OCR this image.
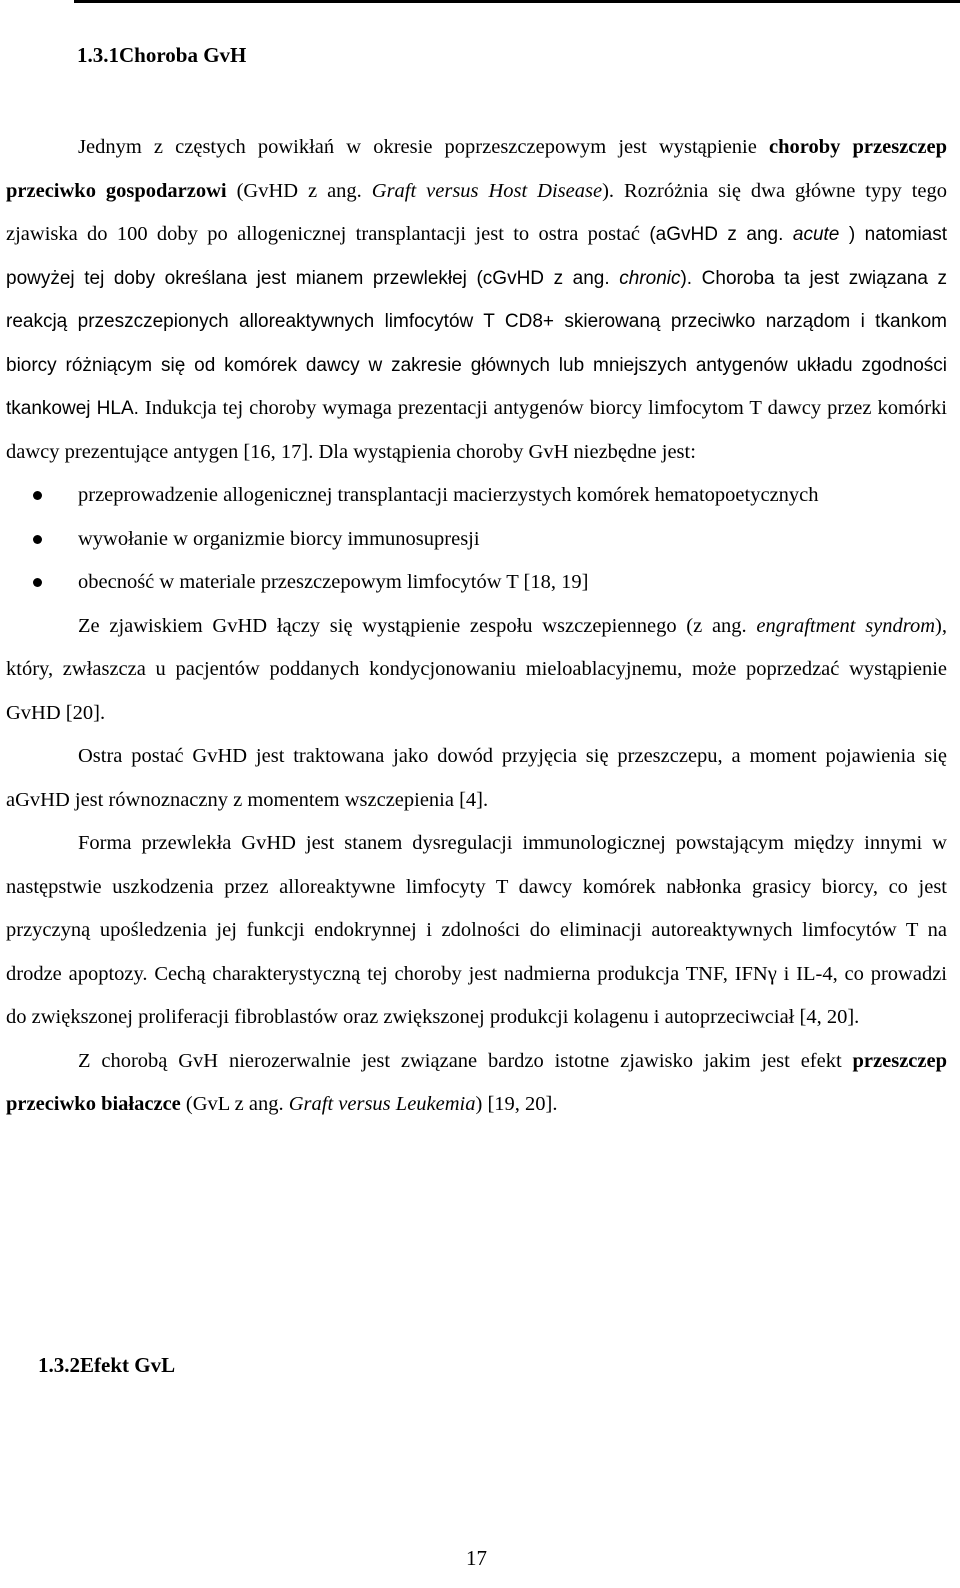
1.3.1Choroba GvH

Jednym z częstych powikłań w okresie poprzeszczepowym jest wystąpienie choroby przeszczep przeciwko gospodarzowi (GvHD z ang. Graft versus Host Disease). Rozróżnia się dwa główne typy tego zjawiska do 100 doby po allogenicznej transplantacji jest to ostra postać (aGvHD z ang. acute ) natomiast powyżej tej doby określana jest mianem przewlekłej (cGvHD z ang. chronic). Choroba ta jest związana z reakcją przeszczepionych alloreaktywnych limfocytów T CD8+ skierowaną przeciwko narządom i tkankom biorcy różniącym się od komórek dawcy w zakresie głównych lub mniejszych antygenów układu zgodności tkankowej HLA. Indukcja tej choroby wymaga prezentacji antygenów biorcy limfocytom T dawcy przez komórki dawcy prezentujące antygen [16, 17]. Dla wystąpienia choroby GvH niezbędne jest:

przeprowadzenie allogenicznej transplantacji macierzystych komórek hematopoetycznych
wywołanie w organizmie biorcy immunosupresji
obecność w materiale przeszczepowym limfocytów T [18, 19]

Ze zjawiskiem GvHD łączy się wystąpienie zespołu wszczepiennego (z ang. engraftment syndrom), który, zwłaszcza u pacjentów poddanych kondycjonowaniu mieloablacyjnemu, może poprzedzać wystąpienie GvHD [20].

Ostra postać GvHD jest traktowana jako dowód przyjęcia się przeszczepu, a moment pojawienia się aGvHD jest równoznaczny z momentem wszczepienia [4].

Forma przewlekła GvHD jest stanem dysregulacji immunologicznej powstającym między innymi w następstwie uszkodzenia przez alloreaktywne limfocyty T dawcy komórek nabłonka grasicy biorcy, co jest przyczyną upośledzenia jej funkcji endokrynnej i zdolności do eliminacji autoreaktywnych limfocytów T na drodze apoptozy. Cechą charakterystyczną tej choroby jest nadmierna produkcja TNF, IFNγ i IL-4, co prowadzi do zwiększonej proliferacji fibroblastów oraz zwiększonej produkcji kolagenu i autoprzeciwciał [4, 20].

Z chorobą GvH nierozerwalnie jest związane bardzo istotne zjawisko jakim jest efekt przeszczep przeciwko białaczce (GvL z ang. Graft versus Leukemia) [19, 20].

1.3.2Efekt GvL
17
